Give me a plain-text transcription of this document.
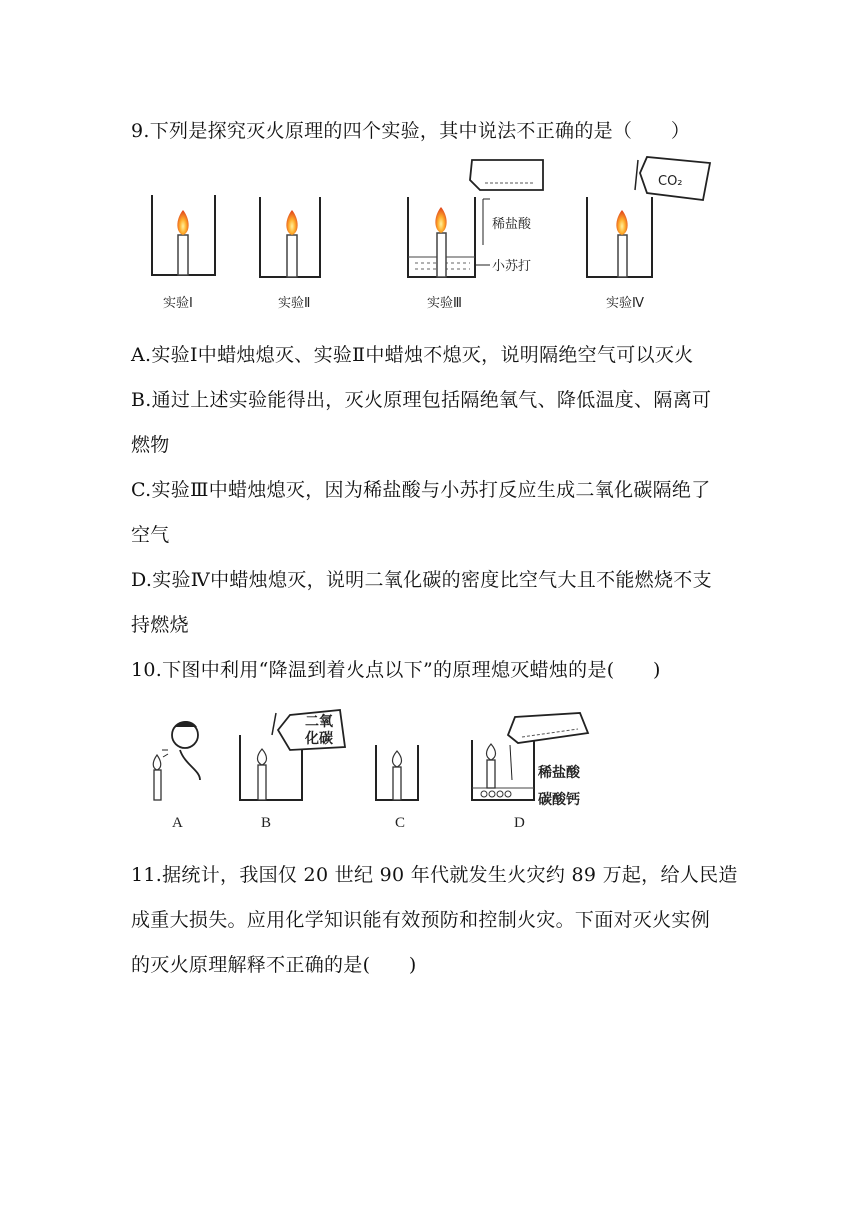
9.下列是探究灭火原理的四个实验，其中说法不正确的是（　　）
实验Ⅰ	实验Ⅱ
稀盐酸
小苏打
实验Ⅲ
CO₂
实验Ⅳ
A.实验Ⅰ中蜡烛熄灭、实验Ⅱ中蜡烛不熄灭，说明隔绝空气可以灭火
B.通过上述实验能得出，灭火原理包括隔绝氧气、降低温度、隔离可
燃物
C.实验Ⅲ中蜡烛熄灭，因为稀盐酸与小苏打反应生成二氧化碳隔绝了
空气
D.实验Ⅳ中蜡烛熄灭，说明二氧化碳的密度比空气大且不能燃烧不支
持燃烧
10.下图中利用“降温到着火点以下”的原理熄灭蜡烛的是(　　)
A
二氧
化碳
B	C
稀盐酸
碳酸钙
D
11.据统计，我国仅 20 世纪 90 年代就发生火灾约 89 万起，给人民造
成重大损失。应用化学知识能有效预防和控制火灾。下面对灭火实例
的灭火原理解释不正确的是(　　)
